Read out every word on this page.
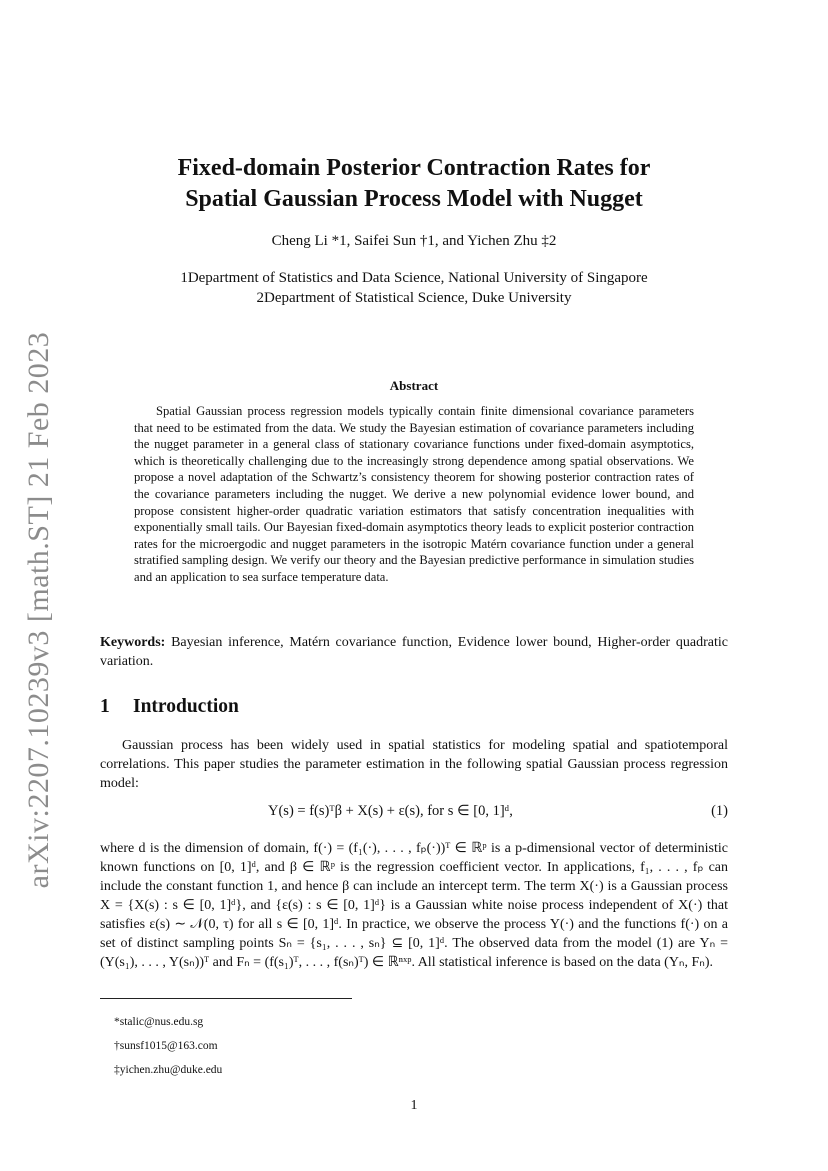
arXiv:2207.10239v3 [math.ST] 21 Feb 2023
Fixed-domain Posterior Contraction Rates for
Spatial Gaussian Process Model with Nugget
Cheng Li *1, Saifei Sun †1, and Yichen Zhu ‡2
1Department of Statistics and Data Science, National University of Singapore
2Department of Statistical Science, Duke University
Abstract
Spatial Gaussian process regression models typically contain finite dimensional covariance parameters that need to be estimated from the data. We study the Bayesian estimation of covariance parameters including the nugget parameter in a general class of stationary covariance functions under fixed-domain asymptotics, which is theoretically challenging due to the increasingly strong dependence among spatial observations. We propose a novel adaptation of the Schwartz’s consistency theorem for showing posterior contraction rates of the covariance parameters including the nugget. We derive a new polynomial evidence lower bound, and propose consistent higher-order quadratic variation estimators that satisfy concentration inequalities with exponentially small tails. Our Bayesian fixed-domain asymptotics theory leads to explicit posterior contraction rates for the microergodic and nugget parameters in the isotropic Matérn covariance function under a general stratified sampling design. We verify our theory and the Bayesian predictive performance in simulation studies and an application to sea surface temperature data.
Keywords: Bayesian inference, Matérn covariance function, Evidence lower bound, Higher-order quadratic variation.
1 Introduction
Gaussian process has been widely used in spatial statistics for modeling spatial and spatiotemporal correlations. This paper studies the parameter estimation in the following spatial Gaussian process regression model:
Y(s) = f(s)ᵀβ + X(s) + ε(s), for s ∈ [0, 1]ᵈ,	(1)
where d is the dimension of domain, f(·) = (f₁(·), . . . , fₚ(·))ᵀ ∈ ℝᵖ is a p-dimensional vector of deterministic known functions on [0, 1]ᵈ, and β ∈ ℝᵖ is the regression coefficient vector. In applications, f₁, . . . , fₚ can include the constant function 1, and hence β can include an intercept term. The term X(·) is a Gaussian process X = {X(s) : s ∈ [0, 1]ᵈ}, and {ε(s) : s ∈ [0, 1]ᵈ} is a Gaussian white noise process independent of X(·) that satisfies ε(s) ∼ 𝒩(0, τ) for all s ∈ [0, 1]ᵈ. In practice, we observe the process Y(·) and the functions f(·) on a set of distinct sampling points Sₙ = {s₁, . . . , sₙ} ⊆ [0, 1]ᵈ. The observed data from the model (1) are Yₙ = (Y(s₁), . . . , Y(sₙ))ᵀ and Fₙ = (f(s₁)ᵀ, . . . , f(sₙ)ᵀ) ∈ ℝⁿˣᵖ. All statistical inference is based on the data (Yₙ, Fₙ).
*stalic@nus.edu.sg
†sunsf1015@163.com
‡yichen.zhu@duke.edu
1
